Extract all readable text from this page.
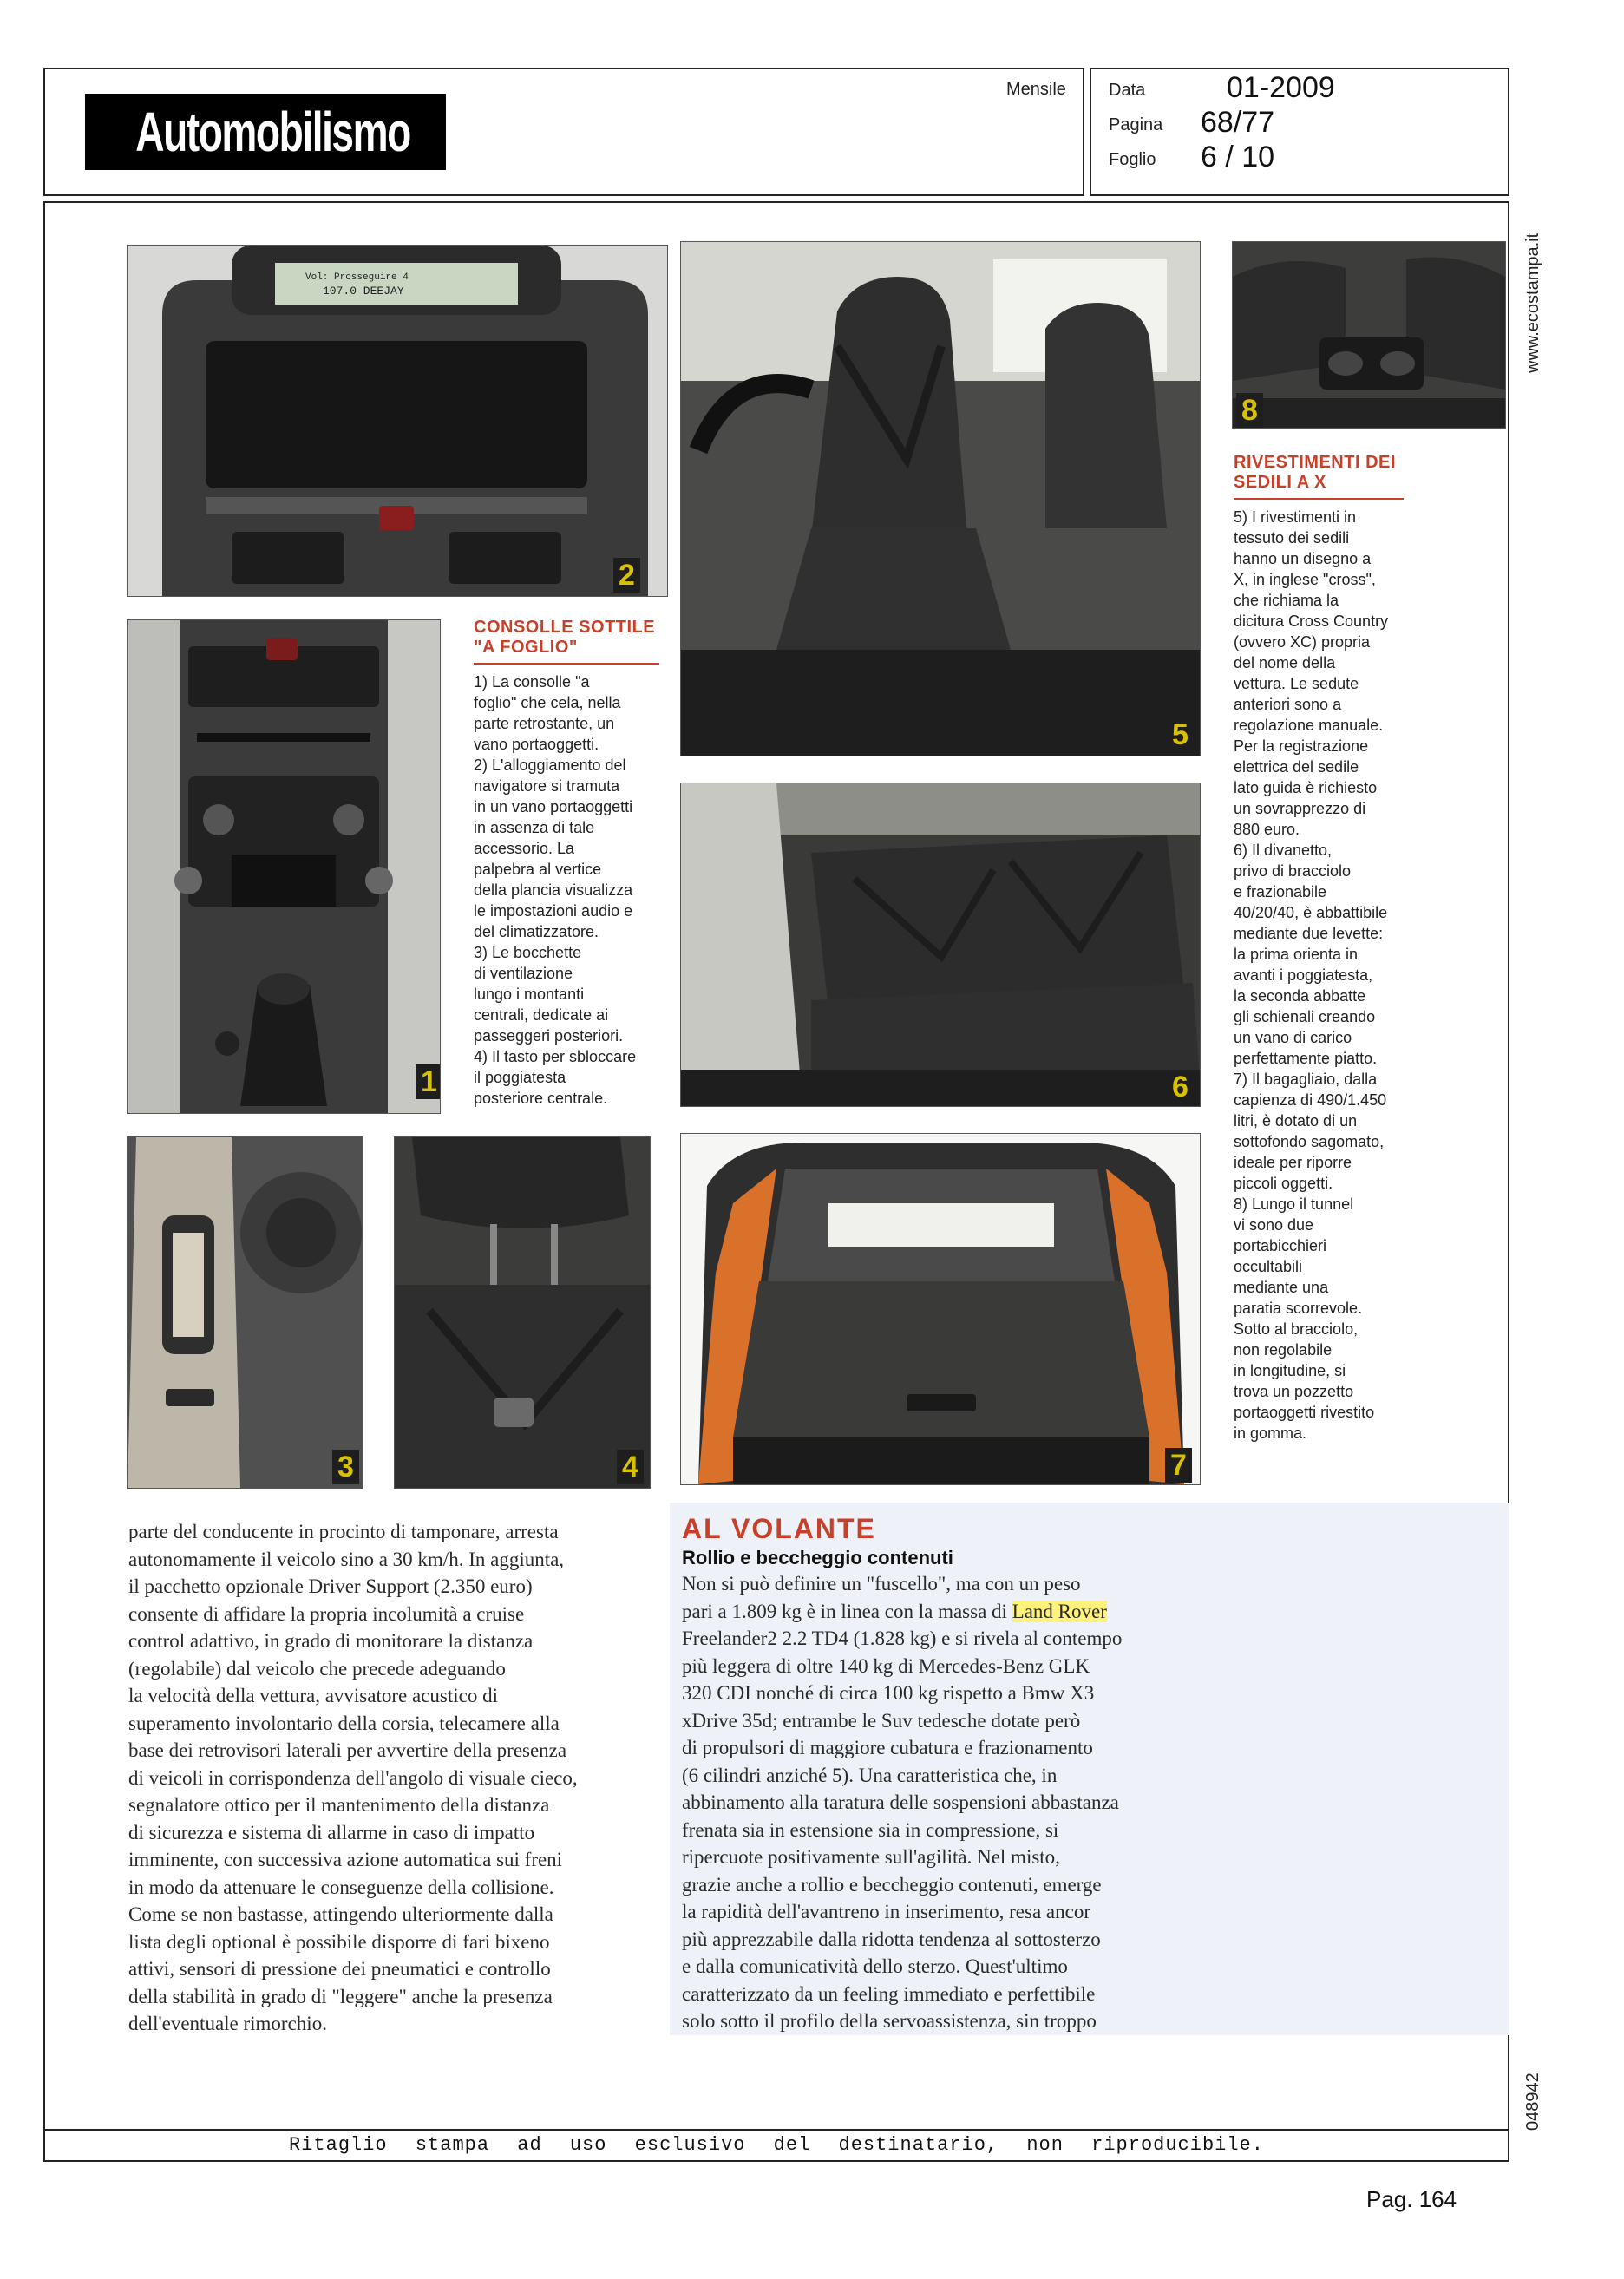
Automobilismo
Mensile Data	01-2009
Pagina 68/77
Foglio 6 / 10
www.ecostampa.it
048942
Vol: Prosseguire 4
107.0 DEEJAY
2
1
CONSOLLE SOTTILE
"A FOGLIO"
1) La consolle "a
foglio" che cela, nella
parte retrostante, un
vano portaoggetti.
2) L'alloggiamento del
navigatore si tramuta
in un vano portaoggetti
in assenza di tale
accessorio. La
palpebra al vertice
della plancia visualizza
le impostazioni audio e
del climatizzatore.
3) Le bocchette
di ventilazione
lungo i montanti
centrali, dedicate ai
passeggeri posteriori.
4) Il tasto per sbloccare
il poggiatesta
posteriore centrale.
5
8
RIVESTIMENTI DEI
SEDILI A X
5) I rivestimenti in
tessuto dei sedili
hanno un disegno a
X, in inglese "cross",
che richiama la
dicitura Cross Country
(ovvero XC) propria
del nome della
vettura. Le sedute
anteriori sono a
regolazione manuale.
Per la registrazione
elettrica del sedile
lato guida è richiesto
un sovrapprezzo di
880 euro.
6) Il divanetto,
privo di bracciolo
e frazionabile
40/20/40, è abbattibile
mediante due levette:
la prima orienta in
avanti i poggiatesta,
la seconda abbatte
gli schienali creando
un vano di carico
perfettamente piatto.
7) Il bagagliaio, dalla
capienza di 490/1.450
litri, è dotato di un
sottofondo sagomato,
ideale per riporre
piccoli oggetti.
8) Lungo il tunnel
vi sono due
portabicchieri
occultabili
mediante una
paratia scorrevole.
Sotto al bracciolo,
non regolabile
in longitudine, si
trova un pozzetto
portaoggetti rivestito
in gomma.
6
3	4	7
parte del conducente in procinto di tamponare, arresta
autonomamente il veicolo sino a 30 km/h. In aggiunta,
il pacchetto opzionale Driver Support (2.350 euro)
consente di affidare la propria incolumità a cruise
control adattivo, in grado di monitorare la distanza
(regolabile) dal veicolo che precede adeguando
la velocità della vettura, avvisatore acustico di
superamento involontario della corsia, telecamere alla
base dei retrovisori laterali per avvertire della presenza
di veicoli in corrispondenza dell'angolo di visuale cieco,
segnalatore ottico per il mantenimento della distanza
di sicurezza e sistema di allarme in caso di impatto
imminente, con successiva azione automatica sui freni
in modo da attenuare le conseguenze della collisione.
Come se non bastasse, attingendo ulteriormente dalla
lista degli optional è possibile disporre di fari bixeno
attivi, sensori di pressione dei pneumatici e controllo
della stabilità in grado di "leggere" anche la presenza
dell'eventuale rimorchio.
AL VOLANTE
Rollio e beccheggio contenuti
Non si può definire un "fuscello", ma con un peso
pari a 1.809 kg è in linea con la massa di Land Rover
Freelander2 2.2 TD4 (1.828 kg) e si rivela al contempo
più leggera di oltre 140 kg di Mercedes-Benz GLK
320 CDI nonché di circa 100 kg rispetto a Bmw X3
xDrive 35d; entrambe le Suv tedesche dotate però
di propulsori di maggiore cubatura e frazionamento
(6 cilindri anziché 5). Una caratteristica che, in
abbinamento alla taratura delle sospensioni abbastanza
frenata sia in estensione sia in compressione, si
ripercuote positivamente sull'agilità. Nel misto,
grazie anche a rollio e beccheggio contenuti, emerge
la rapidità dell'avantreno in inserimento, resa ancor
più apprezzabile dalla ridotta tendenza al sottosterzo
e dalla comunicatività dello sterzo. Quest'ultimo
caratterizzato da un feeling immediato e perfettibile
solo sotto il profilo della servoassistenza, sin troppo
Ritaglio stampa ad uso esclusivo del destinatario, non riproducibile.
Pag. 164
